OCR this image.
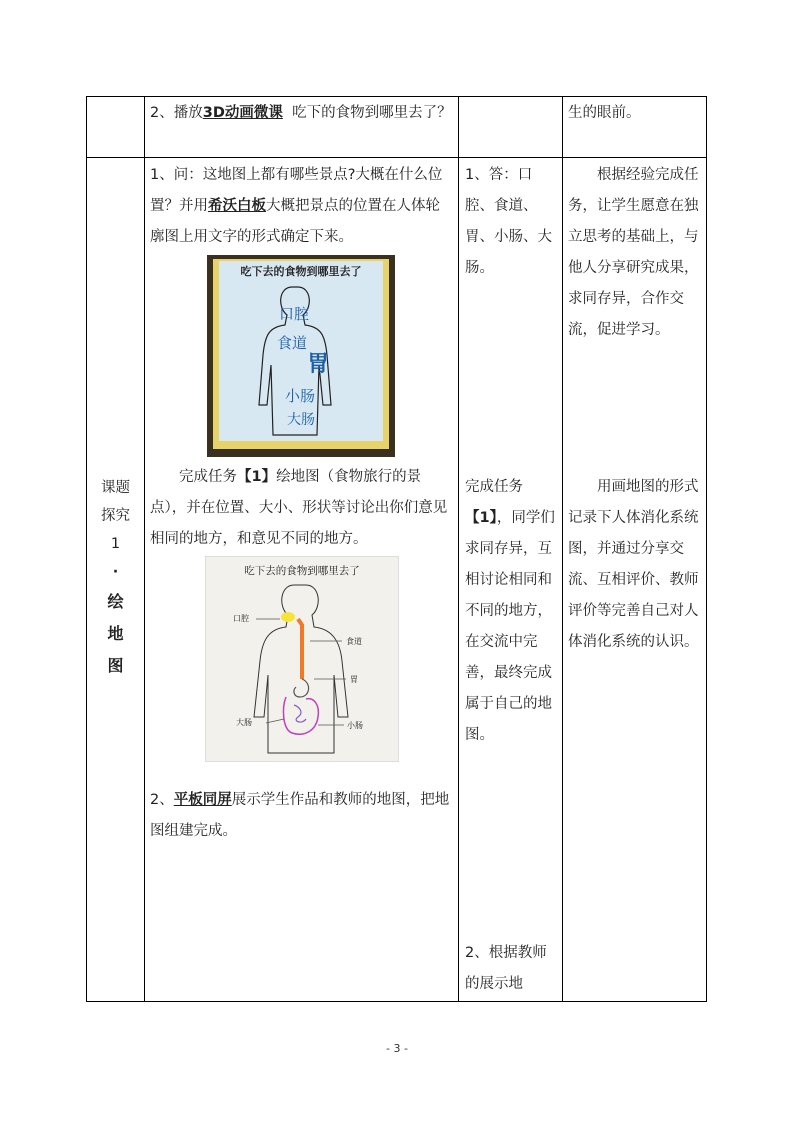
2、播放3D动画微课  吃下的食物到哪里去了？	生的眼前。
课题
探究
1
·
绘
地
图
1、问：这地图上都有哪些景点?大概在什么位置？并用希沃白板大概把景点的位置在人体轮廓图上用文字的形式确定下来。
吃下去的食物到哪里去了
口腔
食道
胃
小肠
大肠
完成任务【1】绘地图（食物旅行的景点），并在位置、大小、形状等讨论出你们意见相同的地方，和意见不同的地方。
吃下去的食物到哪里去了
口腔
食道
胃
大肠	小肠
2、平板同屏展示学生作品和教师的地图，把地图组建完成。
1、答：口腔、食道、胃、小肠、大肠。
完成任务【1】，同学们求同存异，互相讨论相同和不同的地方，在交流中完善，最终完成属于自己的地图。
2、根据教师的展示地
根据经验完成任务，让学生愿意在独立思考的基础上，与他人分享研究成果，求同存异，合作交流，促进学习。
用画地图的形式记录下人体消化系统图，并通过分享交流、互相评价、教师评价等完善自己对人体消化系统的认识。
- 3 -
